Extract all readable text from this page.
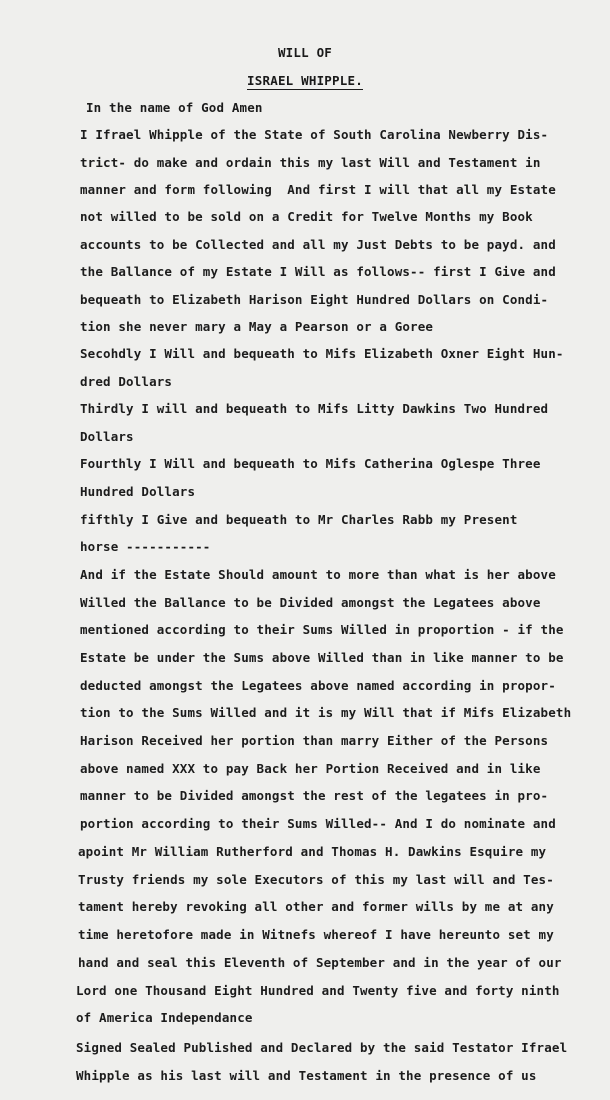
WILL OF
ISRAEL WHIPPLE.
In the name of God Amen
I Ifrael Whipple of the State of South Carolina Newberry Dis-
trict- do make and ordain this my last Will and Testament in
manner and form following  And first I will that all my Estate
not willed to be sold on a Credit for Twelve Months my Book
accounts to be Collected and all my Just Debts to be payd. and
the Ballance of my Estate I Will as follows-- first I Give and
bequeath to Elizabeth Harison Eight Hundred Dollars on Condi-
tion she never mary a May a Pearson or a Goree
Secohdly I Will and bequeath to Mifs Elizabeth Oxner Eight Hun-
dred Dollars
Thirdly I will and bequeath to Mifs Litty Dawkins Two Hundred
Dollars
Fourthly I Will and bequeath to Mifs Catherina Oglespe Three
Hundred Dollars
fifthly I Give and bequeath to Mr Charles Rabb my Present
horse -----------
And if the Estate Should amount to more than what is her above
Willed the Ballance to be Divided amongst the Legatees above
mentioned according to their Sums Willed in proportion - if the
Estate be under the Sums above Willed than in like manner to be
deducted amongst the Legatees above named according in propor-
tion to the Sums Willed and it is my Will that if Mifs Elizabeth
Harison Received her portion than marry Either of the Persons
above named XXX to pay Back her Portion Received and in like
manner to be Divided amongst the rest of the legatees in pro-
portion according to their Sums Willed-- And I do nominate and
apoint Mr William Rutherford and Thomas H. Dawkins Esquire my
Trusty friends my sole Executors of this my last will and Tes-
tament hereby revoking all other and former wills by me at any
time heretofore made in Witnefs whereof I have hereunto set my
hand and seal this Eleventh of September and in the year of our
Lord one Thousand Eight Hundred and Twenty five and forty ninth
of America Independance
Signed Sealed Published and Declared by the said Testator Ifrael
Whipple as his last will and Testament in the presence of us
